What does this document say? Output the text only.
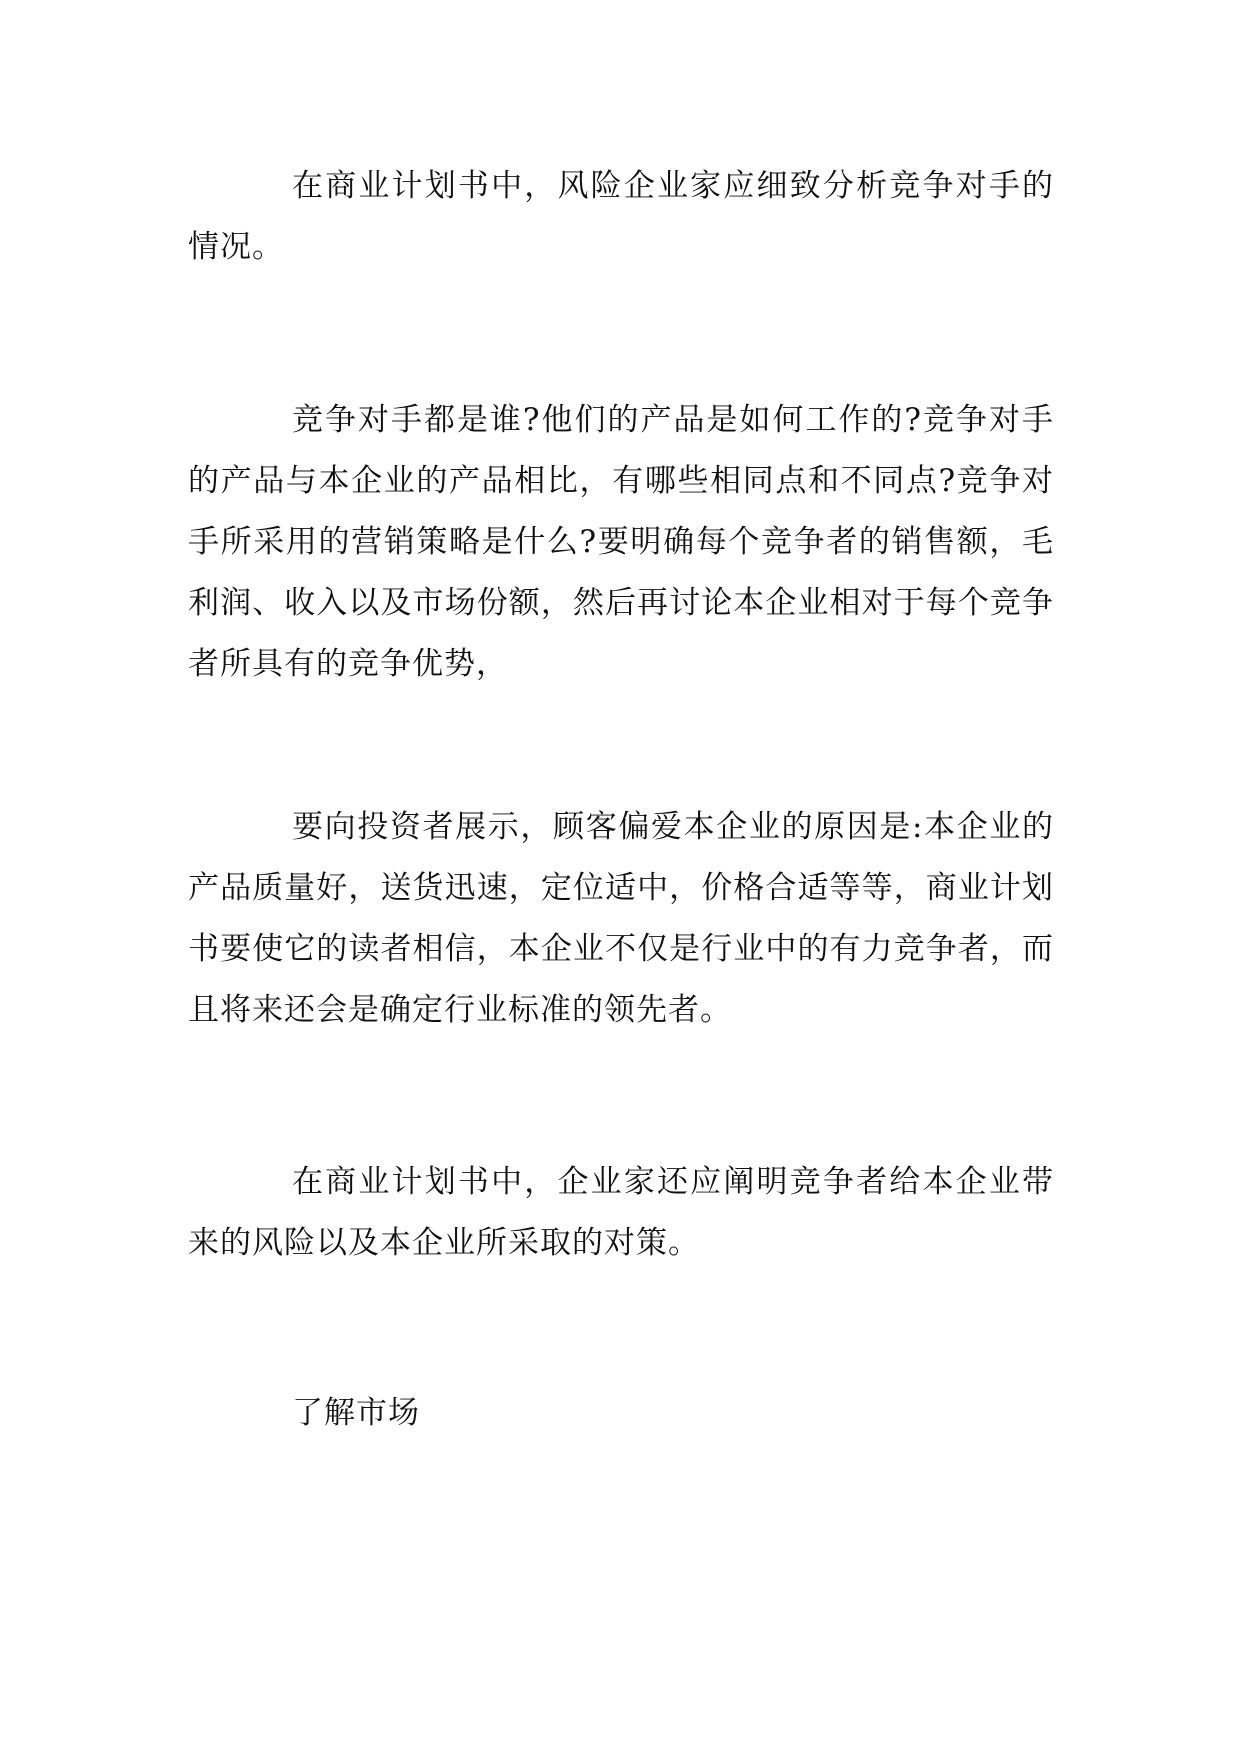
在商业计划书中，风险企业家应细致分析竞争对手的情况。

竞争对手都是谁?他们的产品是如何工作的?竞争对手的产品与本企业的产品相比，有哪些相同点和不同点?竞争对手所采用的营销策略是什么?要明确每个竞争者的销售额，毛利润、收入以及市场份额，然后再讨论本企业相对于每个竞争者所具有的竞争优势，

要向投资者展示，顾客偏爱本企业的原因是:本企业的产品质量好，送货迅速，定位适中，价格合适等等，商业计划书要使它的读者相信，本企业不仅是行业中的有力竞争者，而且将来还会是确定行业标准的领先者。

在商业计划书中，企业家还应阐明竞争者给本企业带来的风险以及本企业所采取的对策。

了解市场
